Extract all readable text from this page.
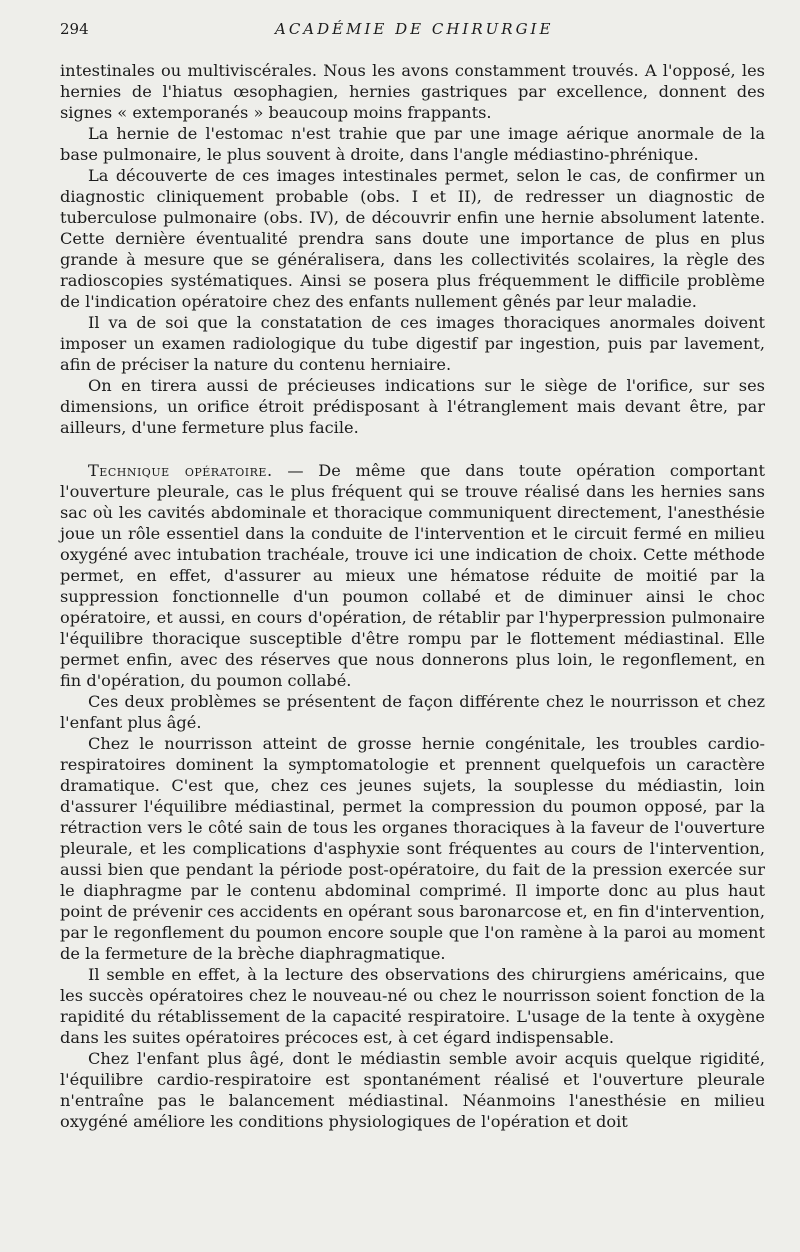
294	ACADÉMIE DE CHIRURGIE

intestinales ou multiviscérales. Nous les avons constamment trouvés. A l'opposé, les hernies de l'hiatus œsophagien, hernies gastriques par excellence, donnent des signes « extemporanés » beaucoup moins frappants.

La hernie de l'estomac n'est trahie que par une image aérique anormale de la base pulmonaire, le plus souvent à droite, dans l'angle médiastino-phrénique.

La découverte de ces images intestinales permet, selon le cas, de confirmer un diagnostic cliniquement probable (obs. I et II), de redresser un diagnostic de tuberculose pulmonaire (obs. IV), de découvrir enfin une hernie absolument latente. Cette dernière éventualité prendra sans doute une importance de plus en plus grande à mesure que se généralisera, dans les collectivités scolaires, la règle des radioscopies systématiques. Ainsi se posera plus fréquemment le difficile problème de l'indication opératoire chez des enfants nullement gênés par leur maladie.

Il va de soi que la constatation de ces images thoraciques anormales doivent imposer un examen radiologique du tube digestif par ingestion, puis par lavement, afin de préciser la nature du contenu herniaire.

On en tirera aussi de précieuses indications sur le siège de l'orifice, sur ses dimensions, un orifice étroit prédisposant à l'étranglement mais devant être, par ailleurs, d'une fermeture plus facile.

Technique opératoire. — De même que dans toute opération comportant l'ouverture pleurale, cas le plus fréquent qui se trouve réalisé dans les hernies sans sac où les cavités abdominale et thoracique communiquent directement, l'anesthésie joue un rôle essentiel dans la conduite de l'intervention et le circuit fermé en milieu oxygéné avec intubation trachéale, trouve ici une indication de choix. Cette méthode permet, en effet, d'assurer au mieux une hématose réduite de moitié par la suppression fonctionnelle d'un poumon collabé et de diminuer ainsi le choc opératoire, et aussi, en cours d'opération, de rétablir par l'hyperpression pulmonaire l'équilibre thoracique susceptible d'être rompu par le flottement médiastinal. Elle permet enfin, avec des réserves que nous donnerons plus loin, le regonflement, en fin d'opération, du poumon collabé.

Ces deux problèmes se présentent de façon différente chez le nourrisson et chez l'enfant plus âgé.

Chez le nourrisson atteint de grosse hernie congénitale, les troubles cardio-respiratoires dominent la symptomatologie et prennent quelquefois un caractère dramatique. C'est que, chez ces jeunes sujets, la souplesse du médiastin, loin d'assurer l'équilibre médiastinal, permet la compression du poumon opposé, par la rétraction vers le côté sain de tous les organes thoraciques à la faveur de l'ouverture pleurale, et les complications d'asphyxie sont fréquentes au cours de l'intervention, aussi bien que pendant la période post-opératoire, du fait de la pression exercée sur le diaphragme par le contenu abdominal comprimé. Il importe donc au plus haut point de prévenir ces accidents en opérant sous baronarcose et, en fin d'intervention, par le regonflement du poumon encore souple que l'on ramène à la paroi au moment de la fermeture de la brèche diaphragmatique.

Il semble en effet, à la lecture des observations des chirurgiens américains, que les succès opératoires chez le nouveau-né ou chez le nourrisson soient fonction de la rapidité du rétablissement de la capacité respiratoire. L'usage de la tente à oxygène dans les suites opératoires précoces est, à cet égard indispensable.

Chez l'enfant plus âgé, dont le médiastin semble avoir acquis quelque rigidité, l'équilibre cardio-respiratoire est spontanément réalisé et l'ouverture pleurale n'entraîne pas le balancement médiastinal. Néanmoins l'anesthésie en milieu oxygéné améliore les conditions physiologiques de l'opération et doit
